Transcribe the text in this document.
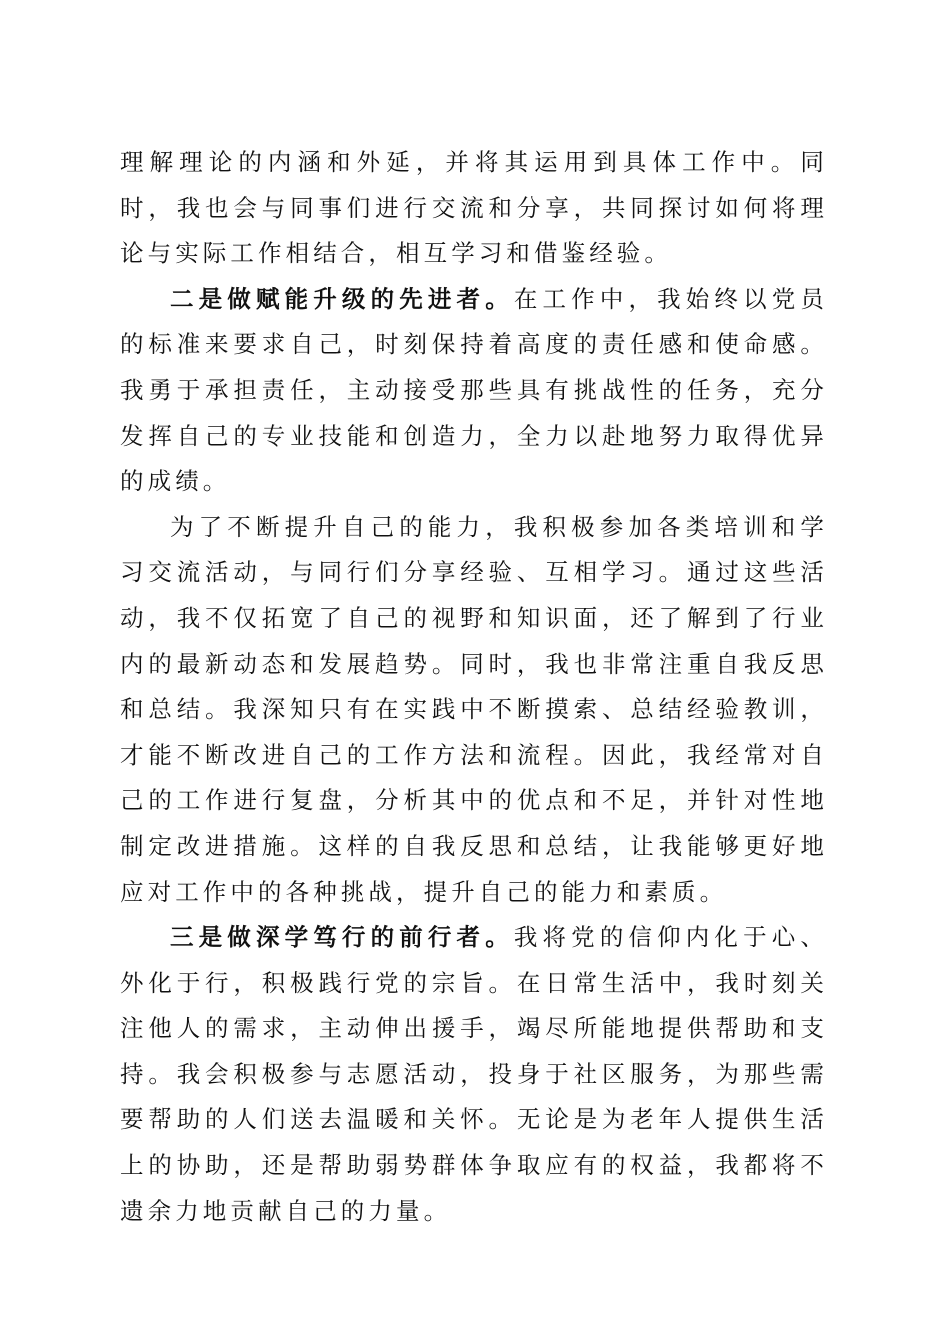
理解理论的内涵和外延，并将其运用到具体工作中。同时，我也会与同事们进行交流和分享，共同探讨如何将理论与实际工作相结合，相互学习和借鉴经验。

二是做赋能升级的先进者。在工作中，我始终以党员的标准来要求自己，时刻保持着高度的责任感和使命感。我勇于承担责任，主动接受那些具有挑战性的任务，充分发挥自己的专业技能和创造力，全力以赴地努力取得优异的成绩。

为了不断提升自己的能力，我积极参加各类培训和学习交流活动，与同行们分享经验、互相学习。通过这些活动，我不仅拓宽了自己的视野和知识面，还了解到了行业内的最新动态和发展趋势。同时，我也非常注重自我反思和总结。我深知只有在实践中不断摸索、总结经验教训，才能不断改进自己的工作方法和流程。因此，我经常对自己的工作进行复盘，分析其中的优点和不足，并针对性地制定改进措施。这样的自我反思和总结，让我能够更好地应对工作中的各种挑战，提升自己的能力和素质。

三是做深学笃行的前行者。我将党的信仰内化于心、外化于行，积极践行党的宗旨。在日常生活中，我时刻关注他人的需求，主动伸出援手，竭尽所能地提供帮助和支持。我会积极参与志愿活动，投身于社区服务，为那些需要帮助的人们送去温暖和关怀。无论是为老年人提供生活上的协助，还是帮助弱势群体争取应有的权益，我都将不遗余力地贡献自己的力量。
